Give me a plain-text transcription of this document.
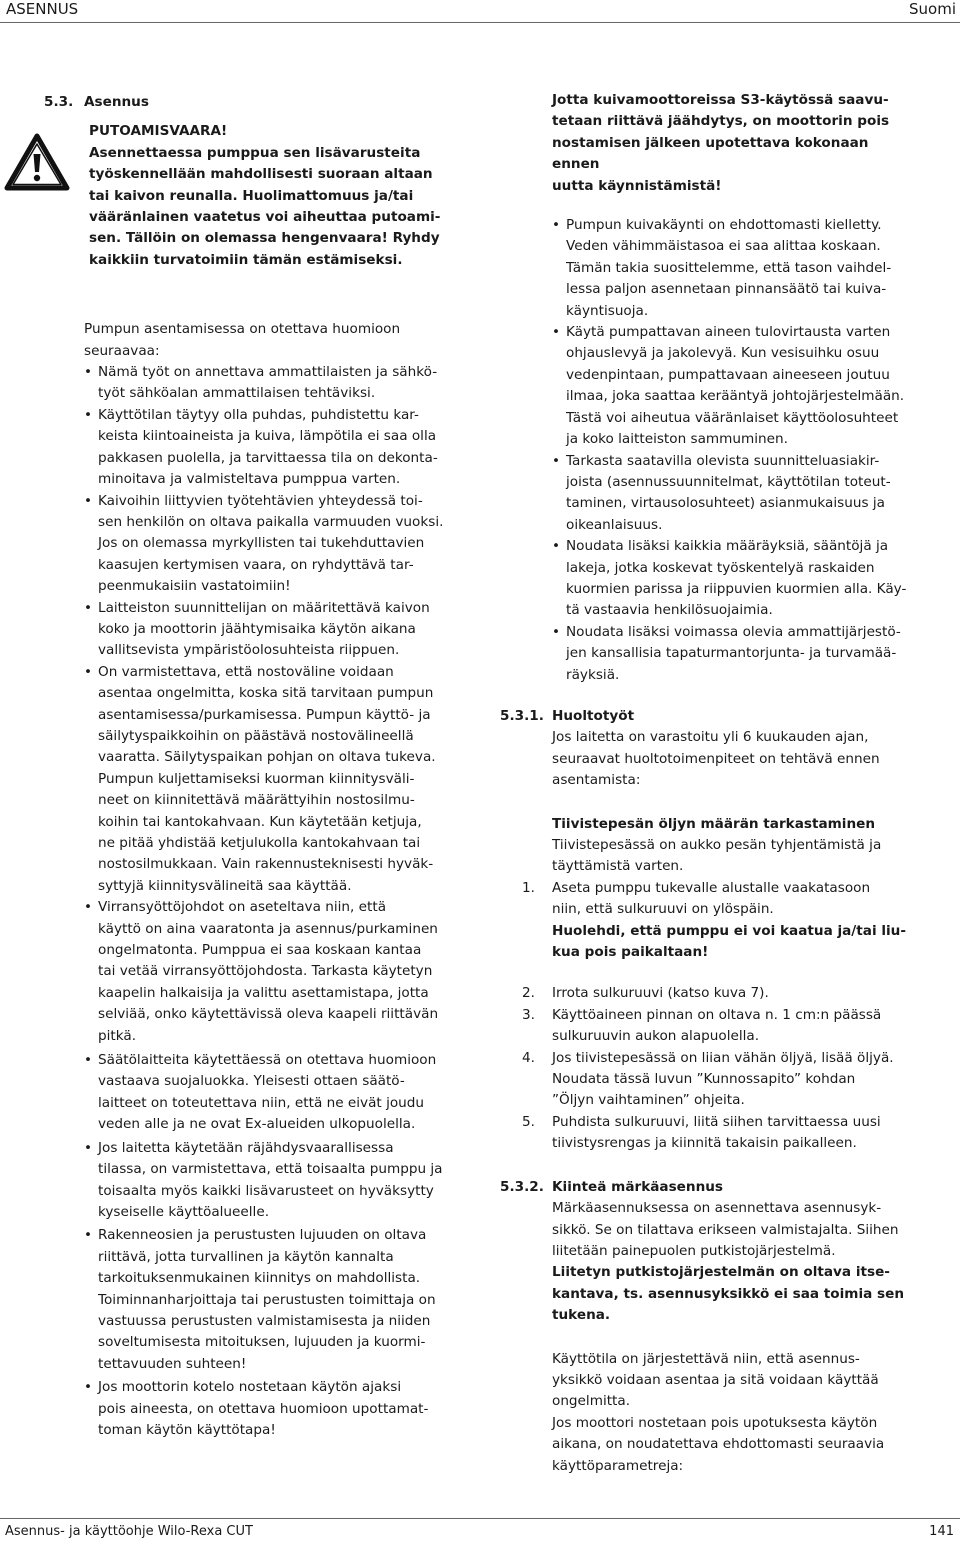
ASENNUS	Suomi
5.3. Asennus

PUTOAMISVAARA!

Asennettaessa pumppua sen lisävarusteita

työskennellään mahdollisesti suoraan altaan

tai kaivon reunalla. Huolimattomuus ja/tai

vääränlainen vaatetus voi aiheuttaa putoami-

sen. Tällöin on olemassa hengenvaara! Ryhdy

kaikkiin turvatoimiin tämän estämiseksi.

Pumpun asentamisessa on otettava huomioon

seuraavaa:

• Nämä työt on annettava ammattilaisten ja sähkö-
työt sähköalan ammattilaisen tehtäviksi.
• Käyttötilan täytyy olla puhdas, puhdistettu kar-
keista kiintoaineista ja kuiva, lämpötila ei saa olla
pakkasen puolella, ja tarvittaessa tila on dekonta-
minoitava ja valmisteltava pumppua varten.
• Kaivoihin liittyvien työtehtävien yhteydessä toi-
sen henkilön on oltava paikalla varmuuden vuoksi.
Jos on olemassa myrkyllisten tai tukehduttavien
kaasujen kertymisen vaara, on ryhdyttävä tar-
peenmukaisiin vastatoimiin!
• Laitteiston suunnittelijan on määritettävä kaivon
koko ja moottorin jäähtymisaika käytön aikana
vallitsevista ympäristöolosuhteista riippuen.
• On varmistettava, että nostoväline voidaan
asentaa ongelmitta, koska sitä tarvitaan pumpun
asentamisessa/purkamisessa. Pumpun käyttö- ja
säilytyspaikkoihin on päästävä nostovälineellä
vaaratta. Säilytyspaikan pohjan on oltava tukeva.
Pumpun kuljettamiseksi kuorman kiinnitysväli-
neet on kiinnitettävä määrättyihin nostosilmu-
koihin tai kantokahvaan. Kun käytetään ketjuja,
ne pitää yhdistää ketjulukolla kantokahvaan tai
nostosilmukkaan. Vain rakennusteknisesti hyväk-
syttyjä kiinnitysvälineitä saa käyttää.
• Virransyöttöjohdot on aseteltava niin, että
käyttö on aina vaaratonta ja asennus/purkaminen
ongelmatonta. Pumppua ei saa koskaan kantaa
tai vetää virransyöttöjohdosta. Tarkasta käytetyn
kaapelin halkaisija ja valittu asettamistapa, jotta
selviää, onko käytettävissä oleva kaapeli riittävän
pitkä.
• Säätölaitteita käytettäessä on otettava huomioon
vastaava suojaluokka. Yleisesti ottaen säätö-
laitteet on toteutettava niin, että ne eivät joudu
veden alle ja ne ovat Ex-alueiden ulkopuolella.
• Jos laitetta käytetään räjähdysvaarallisessa
tilassa, on varmistettava, että toisaalta pumppu ja
toisaalta myös kaikki lisävarusteet on hyväksytty
kyseiselle käyttöalueelle.
• Rakenneosien ja perustusten lujuuden on oltava
riittävä, jotta turvallinen ja käytön kannalta
tarkoituksenmukainen kiinnitys on mahdollista.
Toiminnanharjoittaja tai perustusten toimittaja on
vastuussa perustusten valmistamisesta ja niiden
soveltumisesta mitoituksen, lujuuden ja kuormi-
tettavuuden suhteen!
• Jos moottorin kotelo nostetaan käytön ajaksi
pois aineesta, on otettava huomioon upottamat-
toman käytön käyttötapa!

Jotta kuivamoottoreissa S3-käytössä saavu-

tetaan riittävä jäähdytys, on moottorin pois

nostamisen jälkeen upotettava kokonaan ennen

uutta käynnistämistä!

• Pumpun kuivakäynti on ehdottomasti kielletty.
Veden vähimmäistasoa ei saa alittaa koskaan.
Tämän takia suosittelemme, että tason vaihdel-
lessa paljon asennetaan pinnansäätö tai kuiva-
käyntisuoja.
• Käytä pumpattavan aineen tulovirtausta varten
ohjauslevyä ja jakolevyä. Kun vesisuihku osuu
vedenpintaan, pumpattavaan aineeseen joutuu
ilmaa, joka saattaa kerääntyä johtojärjestelmään.
Tästä voi aiheutua vääränlaiset käyttöolosuhteet
ja koko laitteiston sammuminen.
• Tarkasta saatavilla olevista suunnitteluasiakir-
joista (asennussuunnitelmat, käyttötilan toteut-
taminen, virtausolosuhteet) asianmukaisuus ja
oikeanlaisuus.
• Noudata lisäksi kaikkia määräyksiä, sääntöjä ja
lakeja, jotka koskevat työskentelyä raskaiden
kuormien parissa ja riippuvien kuormien alla. Käy-
tä vastaavia henkilösuojaimia.
• Noudata lisäksi voimassa olevia ammattijärjestö-
jen kansallisia tapaturmantorjunta- ja turvamää-
räyksiä.
5.3.1. Huoltotyöt

Jos laitetta on varastoitu yli 6 kuukauden ajan,

seuraavat huoltotoimenpiteet on tehtävä ennen

asentamista:

Tiivistepesän öljyn määrän tarkastaminen

Tiivistepesässä on aukko pesän tyhjentämistä ja

täyttämistä varten.

1. Aseta pumppu tukevalle alustalle vaakatasoon
niin, että sulkuruuvi on ylöspäin.
Huolehdi, että pumppu ei voi kaatua ja/tai liu-
kua pois paikaltaan!
2. Irrota sulkuruuvi (katso kuva 7).
3. Käyttöaineen pinnan on oltava n. 1 cm:n päässä
sulkuruuvin aukon alapuolella.
4. Jos tiivistepesässä on liian vähän öljyä, lisää öljyä.
Noudata tässä luvun ”Kunnossapito” kohdan
”Öljyn vaihtaminen” ohjeita.
5. Puhdista sulkuruuvi, liitä siihen tarvittaessa uusi
tiivistysrengas ja kiinnitä takaisin paikalleen.
5.3.2. Kiinteä märkäasennus

Märkäasennuksessa on asennettava asennusyk-

sikkö. Se on tilattava erikseen valmistajalta. Siihen

liitetään painepuolen putkistojärjestelmä.

Liitetyn putkistojärjestelmän on oltava itse-

kantava, ts. asennusyksikkö ei saa toimia sen

tukena.

Käyttötila on järjestettävä niin, että asennus-

yksikkö voidaan asentaa ja sitä voidaan käyttää

ongelmitta.

Jos moottori nostetaan pois upotuksesta käytön

aikana, on noudatettava ehdottomasti seuraavia

käyttöparametreja:

Asennus- ja käyttöohje Wilo-Rexa CUT	141
